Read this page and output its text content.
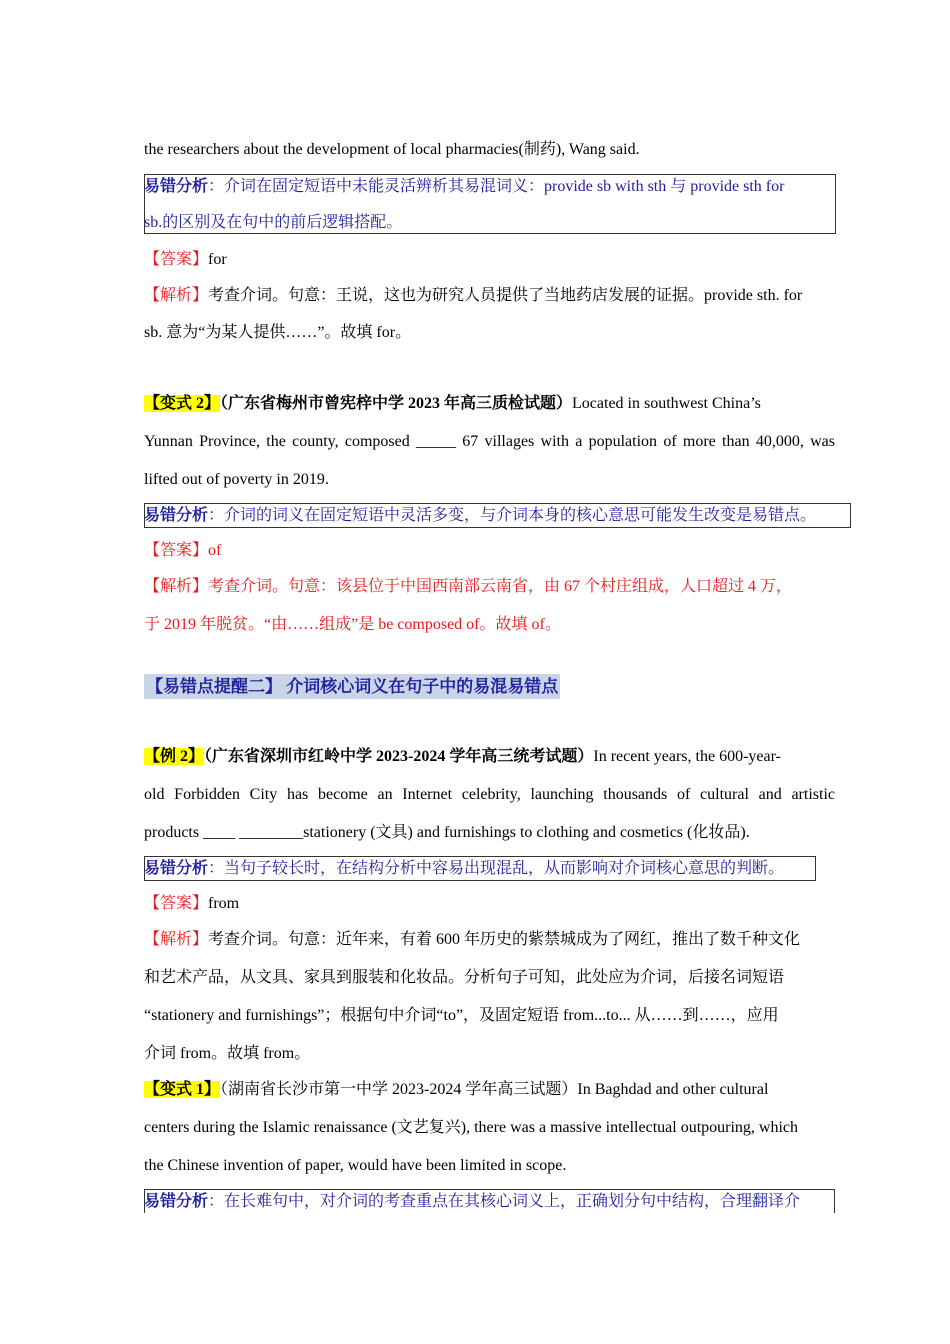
the researchers about the development of local pharmacies(制药), Wang said.
易错分析：介词在固定短语中未能灵活辨析其易混词义：provide sb with sth 与 provide sth for
sb.的区别及在句中的前后逻辑搭配。
【答案】for
【解析】考查介词。句意：王说，这也为研究人员提供了当地药店发展的证据。provide sth. for
sb. 意为“为某人提供……”。故填 for。
【变式 2】（广东省梅州市曾宪梓中学 2023 年高三质检试题）Located in southwest China’s
Yunnan Province, the county, composed _____ 67 villages with a population of more than 40,000, was
lifted out of poverty in 2019.
易错分析：介词的词义在固定短语中灵活多变，与介词本身的核心意思可能发生改变是易错点。
【答案】of
【解析】考查介词。句意：该县位于中国西南部云南省，由 67 个村庄组成，人口超过 4 万，
于 2019 年脱贫。“由……组成”是 be composed of。故填 of。
【易错点提醒二】 介词核心词义在句子中的易混易错点
【例 2】（广东省深圳市红岭中学 2023-2024 学年高三统考试题）In recent years, the 600-year-
old Forbidden City has become an Internet celebrity, launching thousands of cultural and artistic
products ____ ________stationery (文具) and furnishings to clothing and cosmetics (化妆品).
易错分析：当句子较长时，在结构分析中容易出现混乱，从而影响对介词核心意思的判断。
【答案】from
【解析】考查介词。句意：近年来，有着 600 年历史的紫禁城成为了网红，推出了数千种文化
和艺术产品，从文具、家具到服装和化妆品。分析句子可知，此处应为介词，后接名词短语
“stationery and furnishings”；根据句中介词“to”，及固定短语 from...to... 从……到……，应用
介词 from。故填 from。
【变式 1】（湖南省长沙市第一中学 2023-2024 学年高三试题）In Baghdad and other cultural
centers during the Islamic renaissance (文艺复兴), there was a massive intellectual outpouring, which
the Chinese invention of paper, would have been limited in scope.
易错分析：在长难句中，对介词的考查重点在其核心词义上，正确划分句中结构，合理翻译介
